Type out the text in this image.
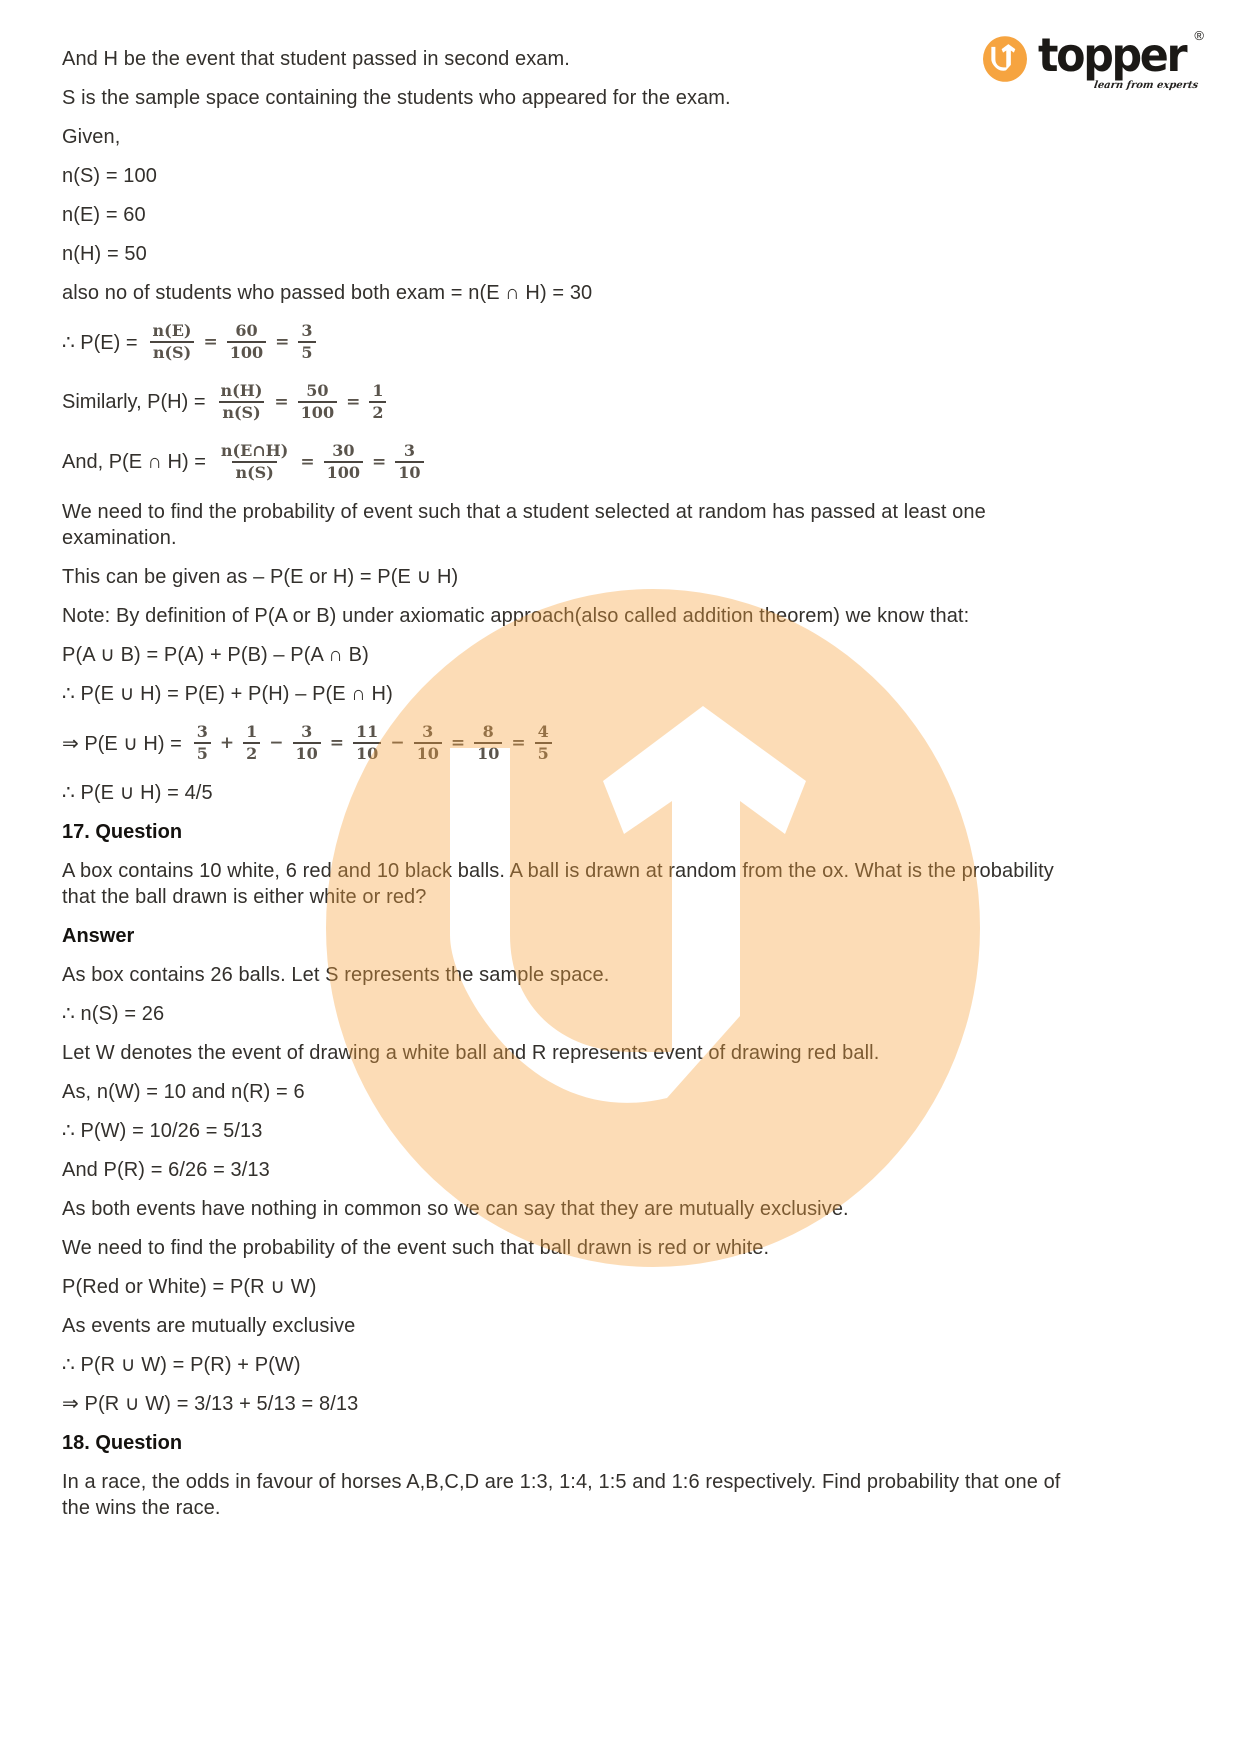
And H be the event that student passed in second exam.

S is the sample space containing the students who appeared for the exam.

Given,

n(S) = 100

n(E) = 60

n(H) = 50

also no of students who passed both exam = n(E ∩ H) = 30

∴ $P(E) = \frac{n(E)}{n(S)} = \frac{60}{100} = \frac{3}{5}$
Similarly, $P(H) = \frac{n(H)}{n(S)} = \frac{50}{100} = \frac{1}{2}$
And, P(E ∩ $H) = \frac{n(E\cap H)}{n(S)} = \frac{30}{100} = \frac{3}{10}$

We need to find the probability of event such that a student selected at random has passed at least one examination.

This can be given as – P(E or H) = P(E ∪ H)

Note: By definition of P(A or B) under axiomatic approach(also called addition theorem) we know that:

P(A ∪ B) = P(A) + P(B) – P(A ∩ B)

∴ P(E ∪ H) = P(E) + P(H) – P(E ∩ H)

⇒ P(E ∪ $H) = \frac{3}{5} + \frac{1}{2} - \frac{3}{10} = \frac{11}{10} - \frac{3}{10} = \frac{8}{10} = \frac{4}{5}$

∴ P(E ∪ H) = 4/5

17. Question

A box contains 10 white, 6 red and 10 black balls. A ball is drawn at random from the ox. What is the probability that the ball drawn is either white or red?

Answer

As box contains 26 balls. Let S represents the sample space.

∴ n(S) = 26

Let W denotes the event of drawing a white ball and R represents event of drawing red ball.

As, n(W) = 10 and n(R) = 6

∴ P(W) = 10/26 = 5/13

And P(R) = 6/26 = 3/13

As both events have nothing in common so we can say that they are mutually exclusive.

We need to find the probability of the event such that ball drawn is red or white.

P(Red or White) = P(R ∪ W)

As events are mutually exclusive

∴ P(R ∪ W) = P(R) + P(W)

⇒ P(R ∪ W) = 3/13 + 5/13 = 8/13

18. Question

In a race, the odds in favour of horses A,B,C,D are 1:3, 1:4, 1:5 and 1:6 respectively. Find probability that one of the wins the race.

topper ®
learn from experts
